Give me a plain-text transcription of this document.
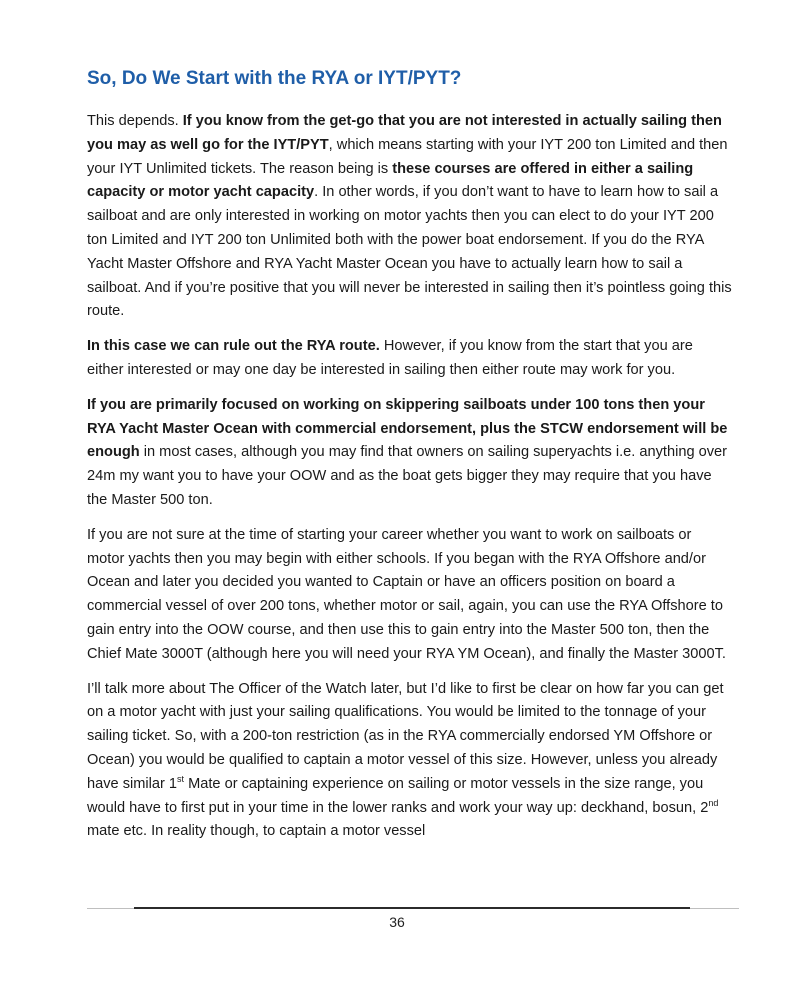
So, Do We Start with the RYA or IYT/PYT?

This depends. If you know from the get-go that you are not interested in actually sailing then you may as well go for the IYT/PYT, which means starting with your IYT 200 ton Limited and then your IYT Unlimited tickets. The reason being is these courses are offered in either a sailing capacity or motor yacht capacity. In other words, if you don’t want to have to learn how to sail a sailboat and are only interested in working on motor yachts then you can elect to do your IYT 200 ton Limited and IYT 200 ton Unlimited both with the power boat endorsement. If you do the RYA Yacht Master Offshore and RYA Yacht Master Ocean you have to actually learn how to sail a sailboat. And if you’re positive that you will never be interested in sailing then it’s pointless going this route.

In this case we can rule out the RYA route. However, if you know from the start that you are either interested or may one day be interested in sailing then either route may work for you.

If you are primarily focused on working on skippering sailboats under 100 tons then your RYA Yacht Master Ocean with commercial endorsement, plus the STCW endorsement will be enough in most cases, although you may find that owners on sailing superyachts i.e. anything over 24m my want you to have your OOW and as the boat gets bigger they may require that you have the Master 500 ton.

If you are not sure at the time of starting your career whether you want to work on sailboats or motor yachts then you may begin with either schools. If you began with the RYA Offshore and/or Ocean and later you decided you wanted to Captain or have an officers position on board a commercial vessel of over 200 tons, whether motor or sail, again, you can use the RYA Offshore to gain entry into the OOW course, and then use this to gain entry into the Master 500 ton, then the Chief Mate 3000T (although here you will need your RYA YM Ocean), and finally the Master 3000T.

I’ll talk more about The Officer of the Watch later, but I’d like to first be clear on how far you can get on a motor yacht with just your sailing qualifications. You would be limited to the tonnage of your sailing ticket. So, with a 200-ton restriction (as in the RYA commercially endorsed YM Offshore or Ocean) you would be qualified to captain a motor vessel of this size. However, unless you already have similar 1st Mate or captaining experience on sailing or motor vessels in the size range, you would have to first put in your time in the lower ranks and work your way up: deckhand, bosun, 2nd mate etc. In reality though, to captain a motor vessel

36
